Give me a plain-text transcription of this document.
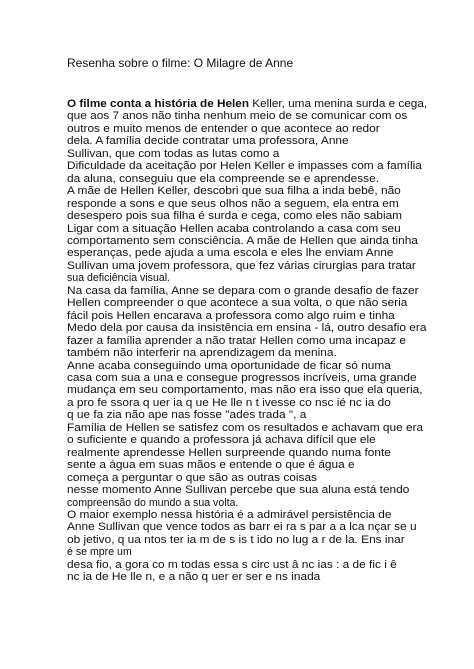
Resenha sobre o filme: O Milagre de Anne
O filme conta a história de Helen Keller, uma menina surda e cega,
que aos 7 anos não tinha nenhum meio de se comunicar com os
outros e muito menos de entender o que acontece ao redor
dela. A família decide contratar uma professora, Anne
Sullivan, que com todas as lutas como a
Dificuldade da aceitação por Helen Keller e impasses com a família
da aluna, conseguiu que ela compreende se e aprendesse.
A mãe de Hellen Keller, descobri que sua filha a inda bebê, não
responde a sons e que seus olhos não a seguem, ela entra em
desespero pois sua filha é surda e cega, como eles não sabiam
Ligar com a situação Hellen acaba controlando a casa com seu
comportamento sem consciência. A mãe de Hellen que ainda tinha
esperanças, pede ajuda a uma escola e eles lhe enviam Anne
Sullivan uma jovem professora, que fez várias cirurgias para tratar
sua deficiência visual.
Na casa da família, Anne se depara com o grande desafio de fazer
Hellen compreender o que acontece a sua volta, o que não seria
fácil pois Hellen encarava a professora como algo ruim e tinha
Medo dela por causa da insistência em ensina - lá, outro desafio era
fazer a família aprender a não tratar Hellen como uma incapaz e
também não interferir na aprendizagem da menina.
Anne acaba conseguindo uma oportunidade de ficar só numa
casa com sua a una e consegue progressos incríveis, uma grande
mudança em seu comportamento, mas não era isso que ela queria,
a pro fe ssora q uer ia q ue He lle n t ivesse co nsc ié nc ia do
q ue fa zia não ape nas fosse "ades trada ", a
Família de Hellen se satisfez com os resultados e achavam que era
o suficiente e quando a professora já achava difícil que ele
realmente aprendesse Hellen surpreende quando numa fonte
sente a água em suas mãos e entende o que é água e
começa a perguntar o que são as outras coisas
nesse momento Anne Sullivan percebe que sua aluna está tendo
compreensão do mundo a sua volta.
O maior exemplo nessa história é a admirável persistência de
Anne Sullivan que vence todos as barr ei ra s par a a lca nçar se u
ob jetivo, q ua ntos ter ia m de s is t ido no lug a r de la. Ens inar
é se mpre um
desa fio, a gora co m todas essa s circ ust â nc ias : a de fic i ê
nc ia de He lle n, e a não q uer er ser e ns inada
